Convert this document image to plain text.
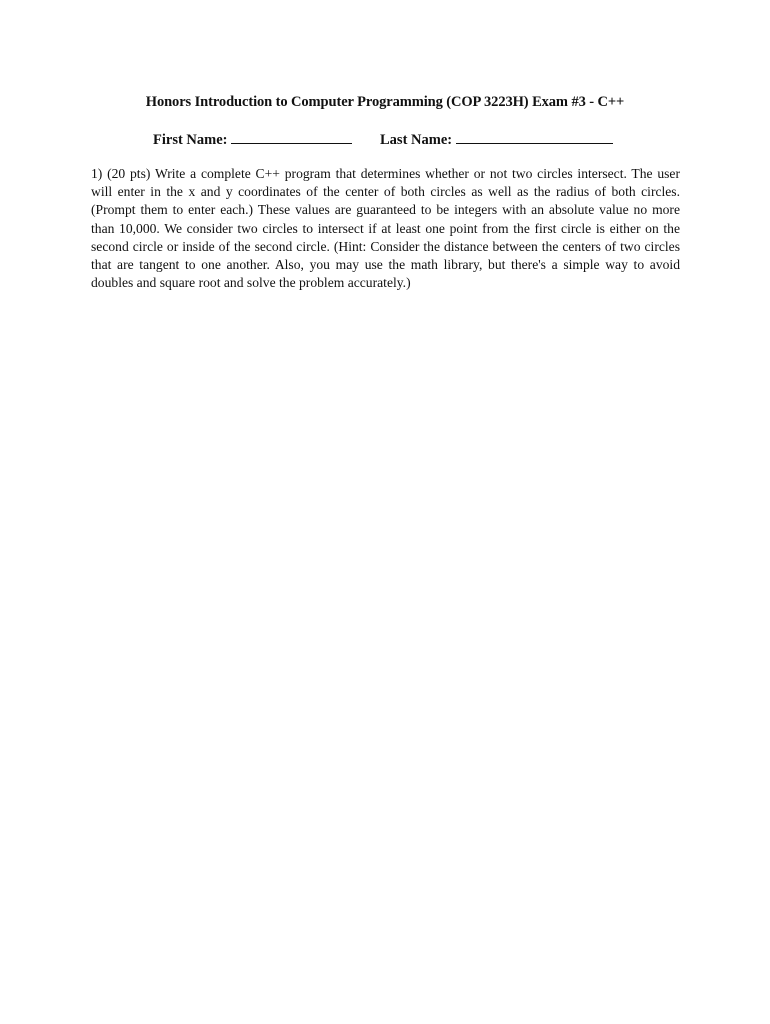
Honors Introduction to Computer Programming (COP 3223H) Exam #3 - C++
First Name:	Last Name:
1) (20 pts) Write a complete C++ program that determines whether or not two circles intersect. The user will enter in the x and y coordinates of the center of both circles as well as the radius of both circles. (Prompt them to enter each.) These values are guaranteed to be integers with an absolute value no more than 10,000. We consider two circles to intersect if at least one point from the first circle is either on the second circle or inside of the second circle. (Hint: Consider the distance between the centers of two circles that are tangent to one another. Also, you may use the math library, but there's a simple way to avoid doubles and square root and solve the problem accurately.)
